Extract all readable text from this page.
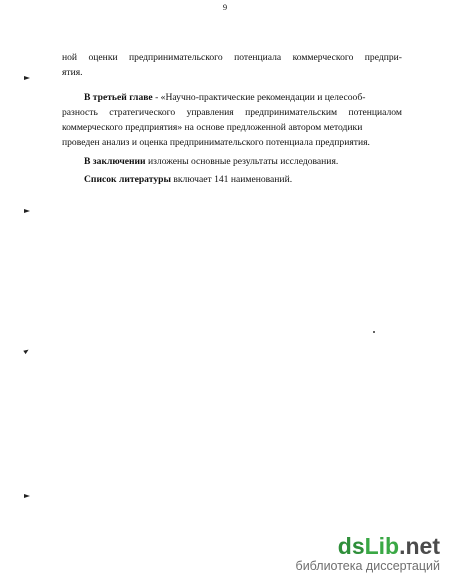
9
ной оценки предпринимательского потенциала коммерческого предпри-
ятия.
В третьей главе - «Научно-практические рекомендации и целесооб-
разность стратегического управления предпринимательским потенциалом
коммерческого предприятия» на основе предложенной автором методики
проведен анализ и оценка предпринимательского потенциала предприятия.
В заключении изложены основные результаты исследования.
Список литературы включает 141 наименований.
dsLib.net
библиотека диссертаций
